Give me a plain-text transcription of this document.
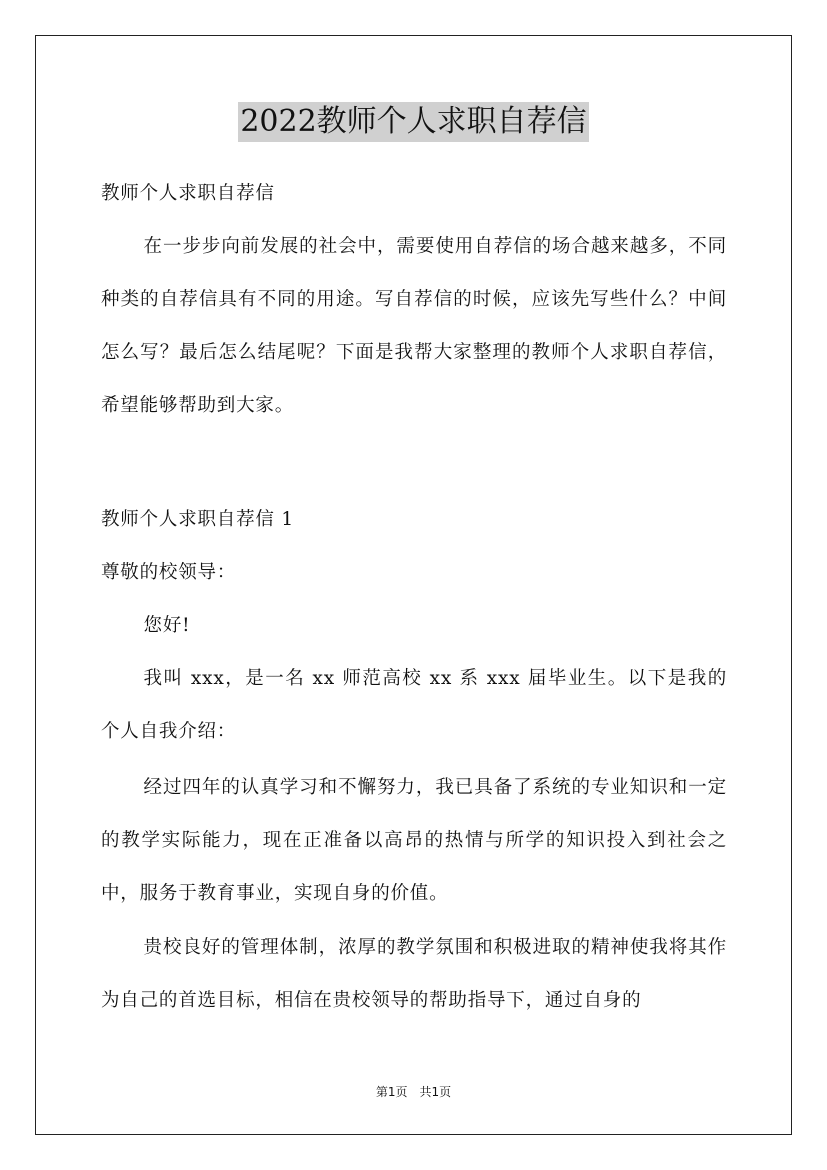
2022教师个人求职自荐信

教师个人求职自荐信

在一步步向前发展的社会中，需要使用自荐信的场合越来越多，不同种类的自荐信具有不同的用途。写自荐信的时候，应该先写些什么？中间怎么写？最后怎么结尾呢？下面是我帮大家整理的教师个人求职自荐信，希望能够帮助到大家。

教师个人求职自荐信 1

尊敬的校领导：

您好!

我叫 xxx，是一名 xx 师范高校 xx 系 xxx 届毕业生。以下是我的个人自我介绍：

经过四年的认真学习和不懈努力，我已具备了系统的专业知识和一定的教学实际能力，现在正准备以高昂的热情与所学的知识投入到社会之中，服务于教育事业，实现自身的价值。

贵校良好的管理体制，浓厚的教学氛围和积极进取的精神使我将其作为自己的首选目标，相信在贵校领导的帮助指导下，通过自身的

第1页　共1页
